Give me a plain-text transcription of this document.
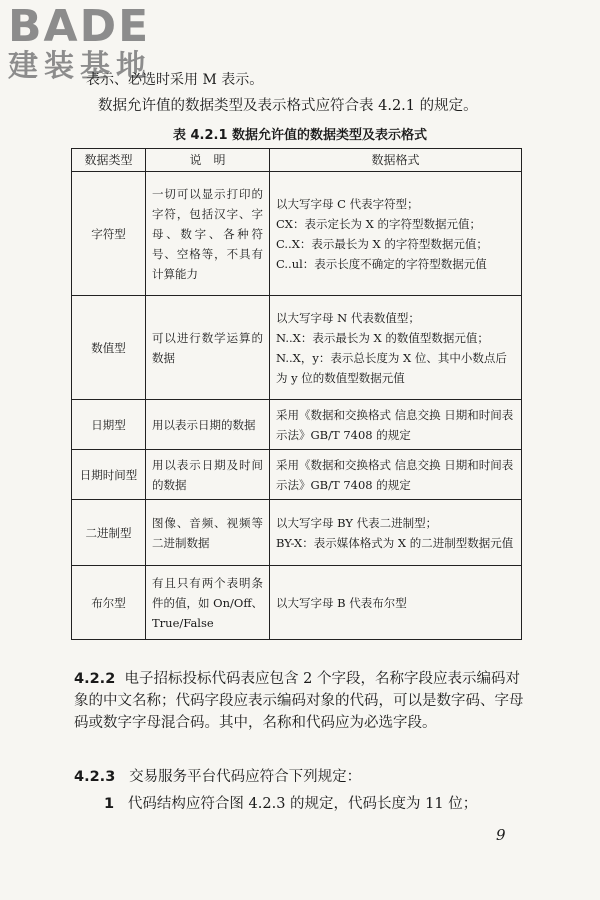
BADE
建装基地
表示、必选时采用 M 表示。
数据允许值的数据类型及表示格式应符合表 4.2.1 的规定。
表 4.2.1 数据允许值的数据类型及表示格式
数据类型	说　明	数据格式
字符型	一切可以显示打印的字符，包括汉字、字母、数字、各种符号、空格等，不具有计算能力	以大写字母 C 代表字符型；
CX：表示定长为 X 的字符型数据元值；
C..X：表示最长为 X 的字符型数据元值；
C..ul：表示长度不确定的字符型数据元值

数值型	可以进行数学运算的数据	以大写字母 N 代表数值型；
N..X：表示最长为 X 的数值型数据元值；
N..X，y：表示总长度为 X 位、其中小数点后为 y 位的数值型数据元值

日期型	用以表示日期的数据	采用《数据和交换格式 信息交换 日期和时间表示法》GB/T 7408 的规定

日期时间型	用以表示日期及时间的数据	采用《数据和交换格式 信息交换 日期和时间表示法》GB/T 7408 的规定

二进制型	图像、音频、视频等二进制数据	以大写字母 BY 代表二进制型；
BY-X：表示媒体格式为 X 的二进制型数据元值

布尔型	有且只有两个表明条件的值，如 On/Off、True/False	以大写字母 B 代表布尔型
4.2.2 电子招标投标代码表应包含 2 个字段，名称字段应表示编码对象的中文名称；代码字段应表示编码对象的代码，可以是数字码、字母码或数字字母混合码。其中，名称和代码应为必选字段。
4.2.3 交易服务平台代码应符合下列规定：
1 代码结构应符合图 4.2.3 的规定，代码长度为 11 位；
9
